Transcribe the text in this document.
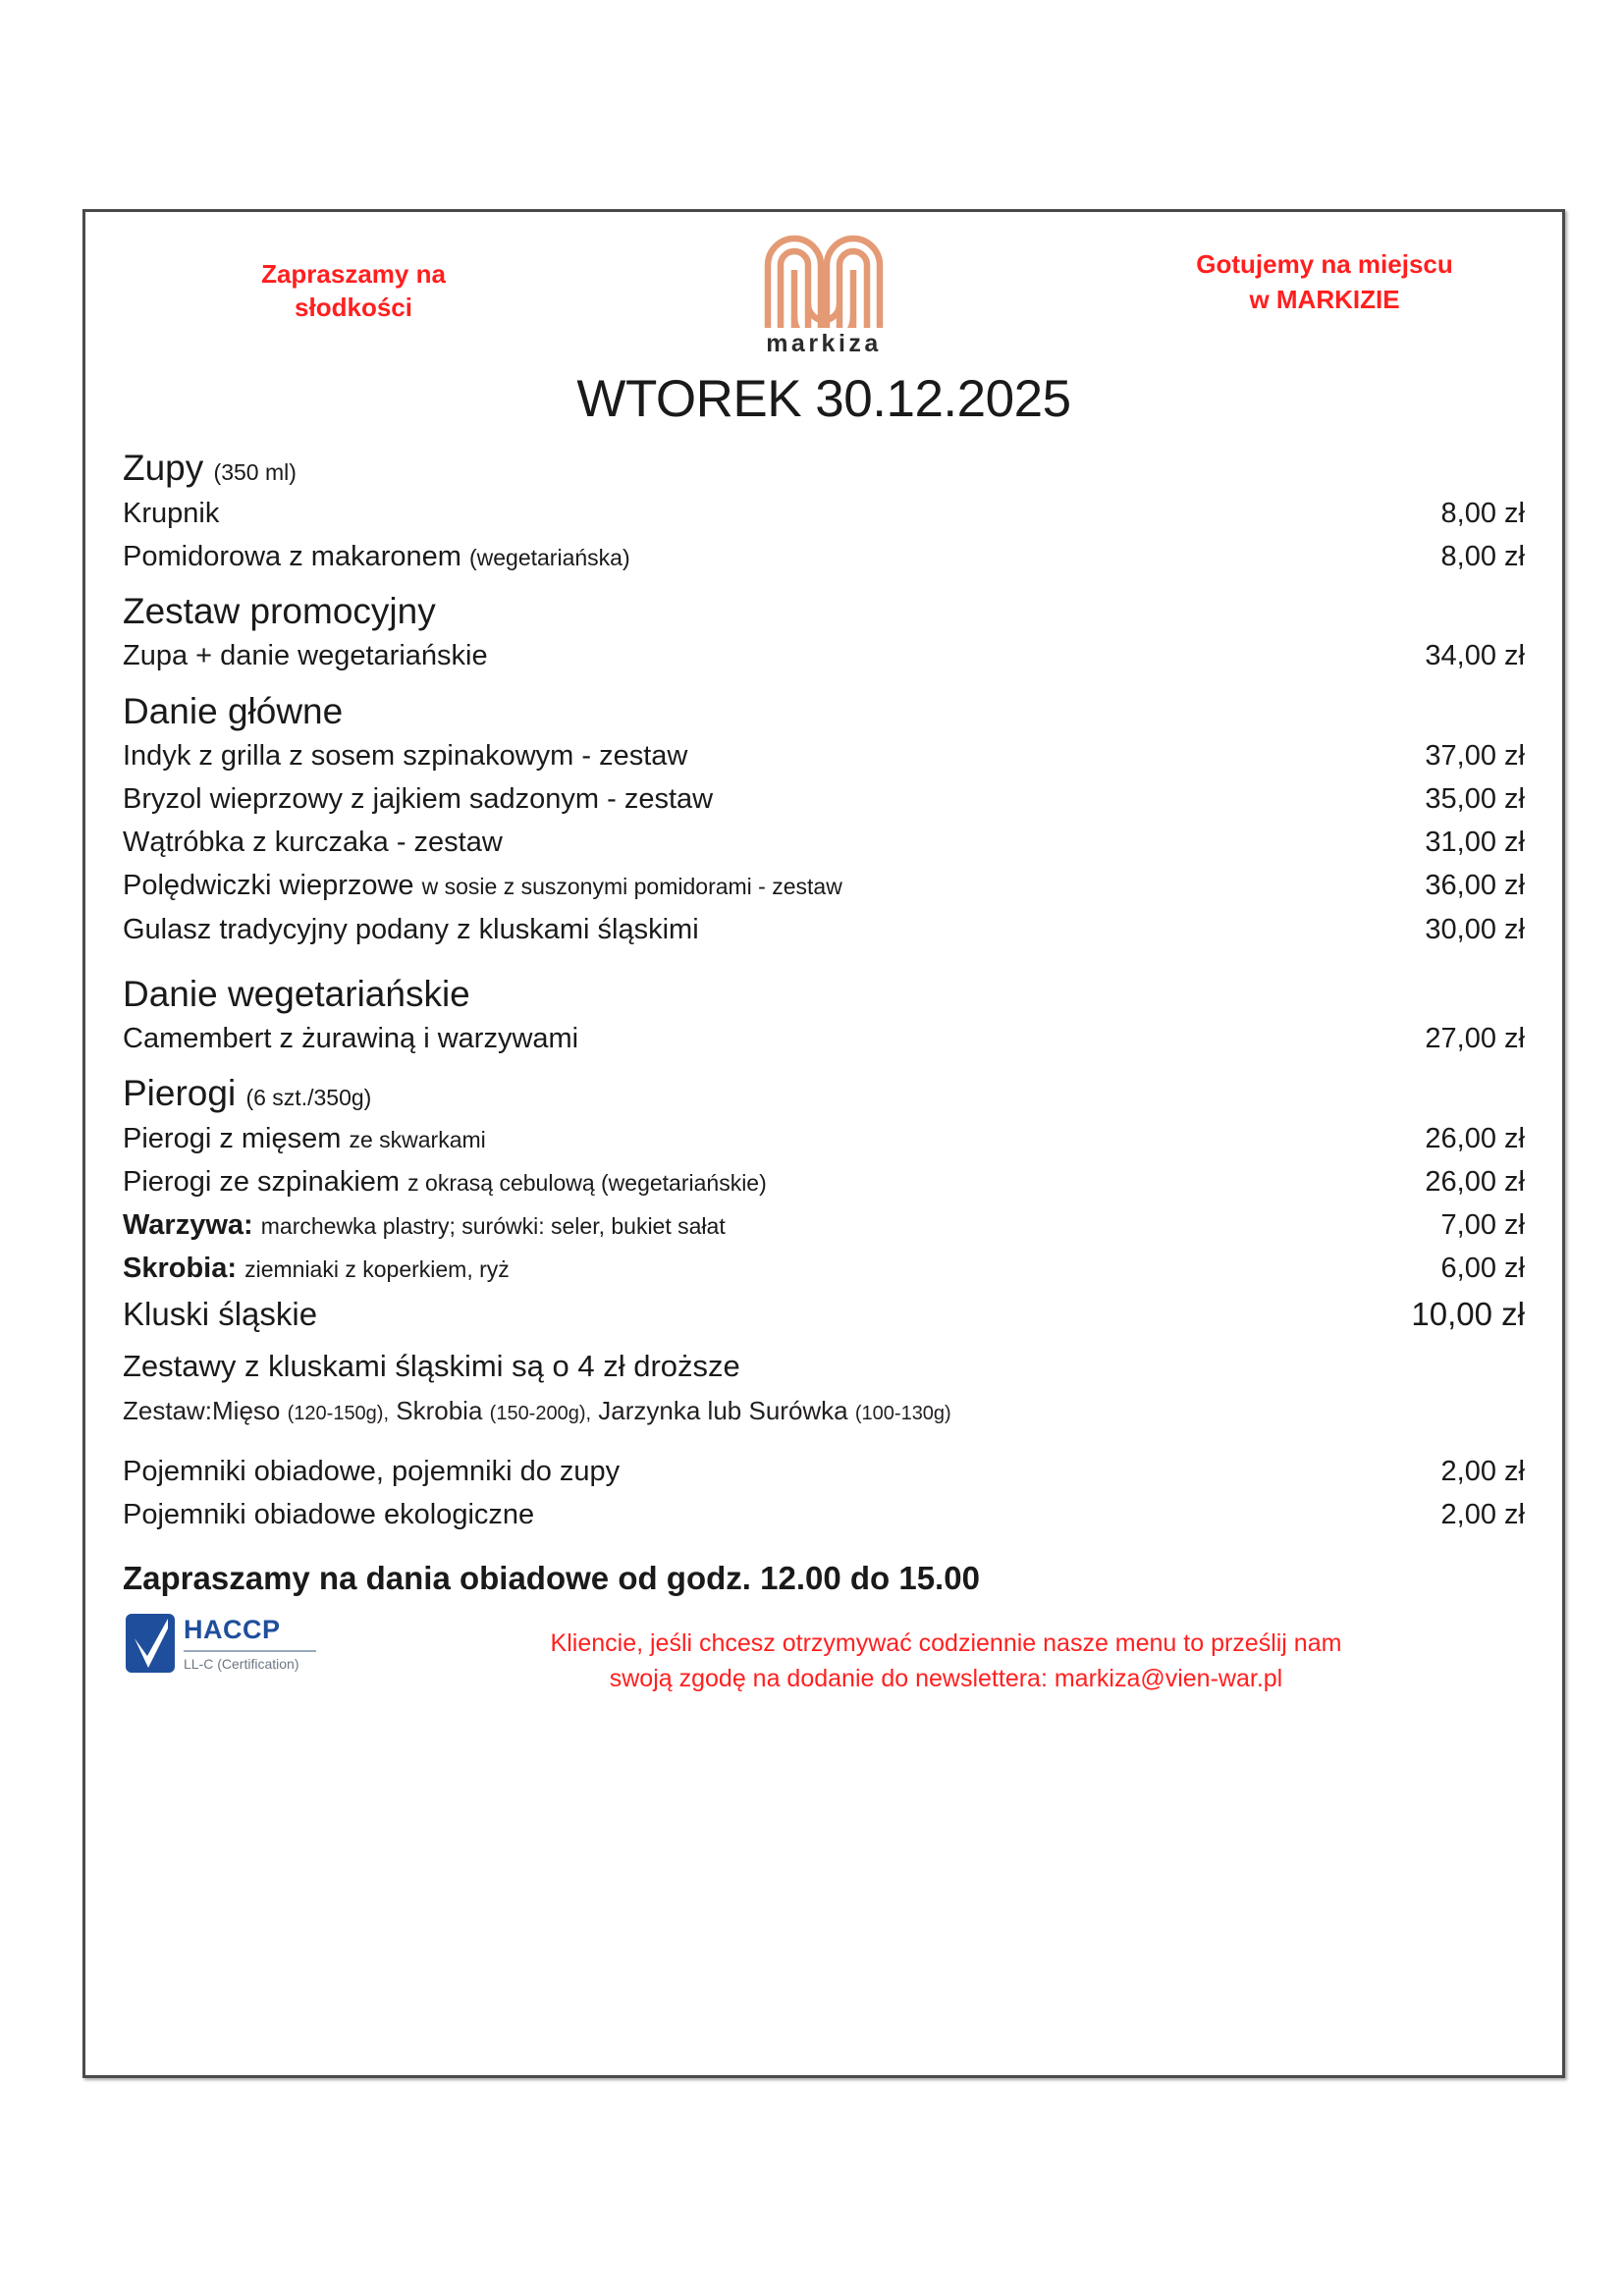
Zapraszamy na
słodkości
markiza
Gotujemy na miejscu
w MARKIZIE
WTOREK 30.12.2025
Zupy (350 ml)
Krupnik	8,00 zł
Pomidorowa z makaronem (wegetariańska)	8,00 zł
Zestaw promocyjny
Zupa + danie wegetariańskie	34,00 zł
Danie główne
Indyk z grilla z sosem szpinakowym - zestaw	37,00 zł
Bryzol wieprzowy z jajkiem sadzonym - zestaw	35,00 zł
Wątróbka z kurczaka - zestaw	31,00 zł
Polędwiczki wieprzowe w sosie z suszonymi pomidorami - zestaw	36,00 zł
Gulasz tradycyjny podany z kluskami śląskimi	30,00 zł
Danie wegetariańskie
Camembert z żurawiną i warzywami	27,00 zł
Pierogi (6 szt./350g)
Pierogi z mięsem ze skwarkami	26,00 zł
Pierogi ze szpinakiem z okrasą cebulową (wegetariańskie)	26,00 zł
Warzywa: marchewka plastry; surówki: seler, bukiet sałat	7,00 zł
Skrobia: ziemniaki z koperkiem, ryż	6,00 zł
Kluski śląskie	10,00 zł
Zestawy z kluskami śląskimi są o 4 zł droższe
Zestaw:Mięso (120-150g), Skrobia (150-200g), Jarzynka lub Surówka (100-130g)
Pojemniki obiadowe, pojemniki do zupy	2,00 zł
Pojemniki obiadowe ekologiczne	2,00 zł
Zapraszamy na dania obiadowe od godz. 12.00 do 15.00
HACCP
LL-C (Certification)
Kliencie, jeśli chcesz otrzymywać codziennie nasze menu to prześlij nam
swoją zgodę na dodanie do newslettera: markiza@vien-war.pl
